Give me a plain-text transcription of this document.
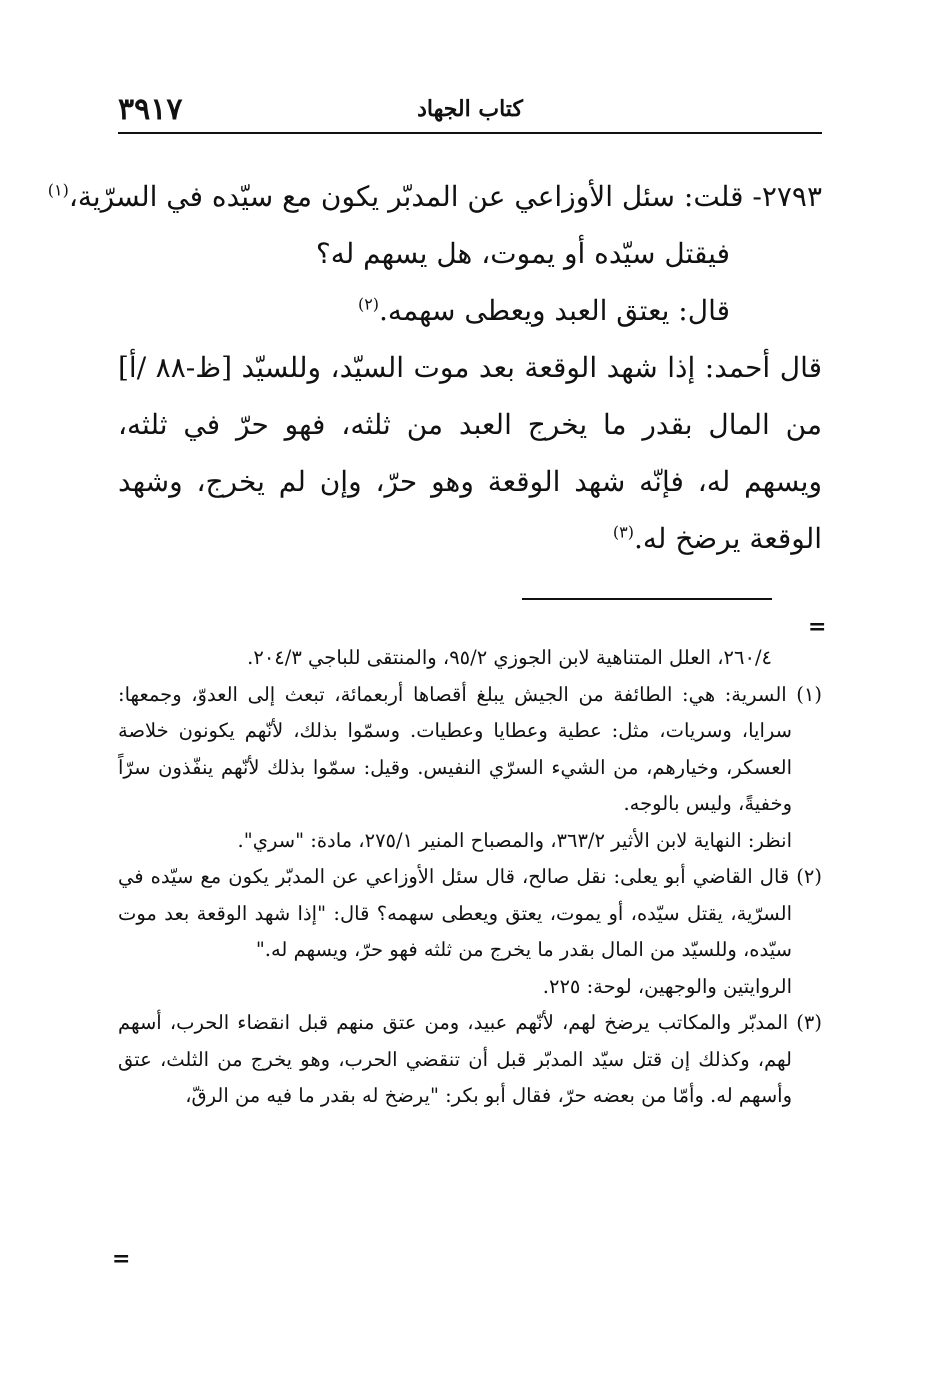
٣٩١٧	كتاب الجهاد

٢٧٩٣- قلت: سئل الأوزاعي عن المدبّر يكون مع سيّده في السرّية،$^{(١)}$

فيقتل سيّده أو يموت، هل يسهم له؟

قال: يعتق العبد ويعطى سهمه.$^{(٢)}$

قال أحمد: إذا شهد الوقعة بعد موت السيّد، وللسيّد [ظ-٨٨ /أ] من المال بقدر ما يخرج العبد من ثلثه، فهو حرّ في ثلثه، ويسهم له، فإنّه شهد الوقعة وهو حرّ، وإن لم يخرج، وشهد الوقعة يرضخ له.$^{(٣)}$

=

٢٦٠/٤، العلل المتناهية لابن الجوزي ٩٥/٢، والمنتقى للباجي ٢٠٤/٣.

(١) السرية: هي: الطائفة من الجيش يبلغ أقصاها أربعمائة، تبعث إلى العدوّ، وجمعها: سرايا، وسريات، مثل: عطية وعطايا وعطيات. وسمّوا بذلك، لأنّهم يكونون خلاصة العسكر، وخيارهم، من الشيء السرّي النفيس. وقيل: سمّوا بذلك لأنّهم ينفّذون سرّاً وخفيةً، وليس بالوجه.

انظر: النهاية لابن الأثير ٣٦٣/٢، والمصباح المنير ٢٧٥/١، مادة: "سري".

(٢) قال القاضي أبو يعلى: نقل صالح، قال سئل الأوزاعي عن المدبّر يكون مع سيّده في السرّية، يقتل سيّده، أو يموت، يعتق ويعطى سهمه؟ قال: "إذا شهد الوقعة بعد موت سيّده، وللسيّد من المال بقدر ما يخرج من ثلثه فهو حرّ، ويسهم له."

الروايتين والوجهين، لوحة: ٢٢٥.

(٣) المدبّر والمكاتب يرضخ لهم، لأنّهم عبيد، ومن عتق منهم قبل انقضاء الحرب، أسهم لهم، وكذلك إن قتل سيّد المدبّر قبل أن تنقضي الحرب، وهو يخرج من الثلث، عتق وأسهم له. وأمّا من بعضه حرّ، فقال أبو بكر: "يرضخ له بقدر ما فيه من الرقّ،

=
